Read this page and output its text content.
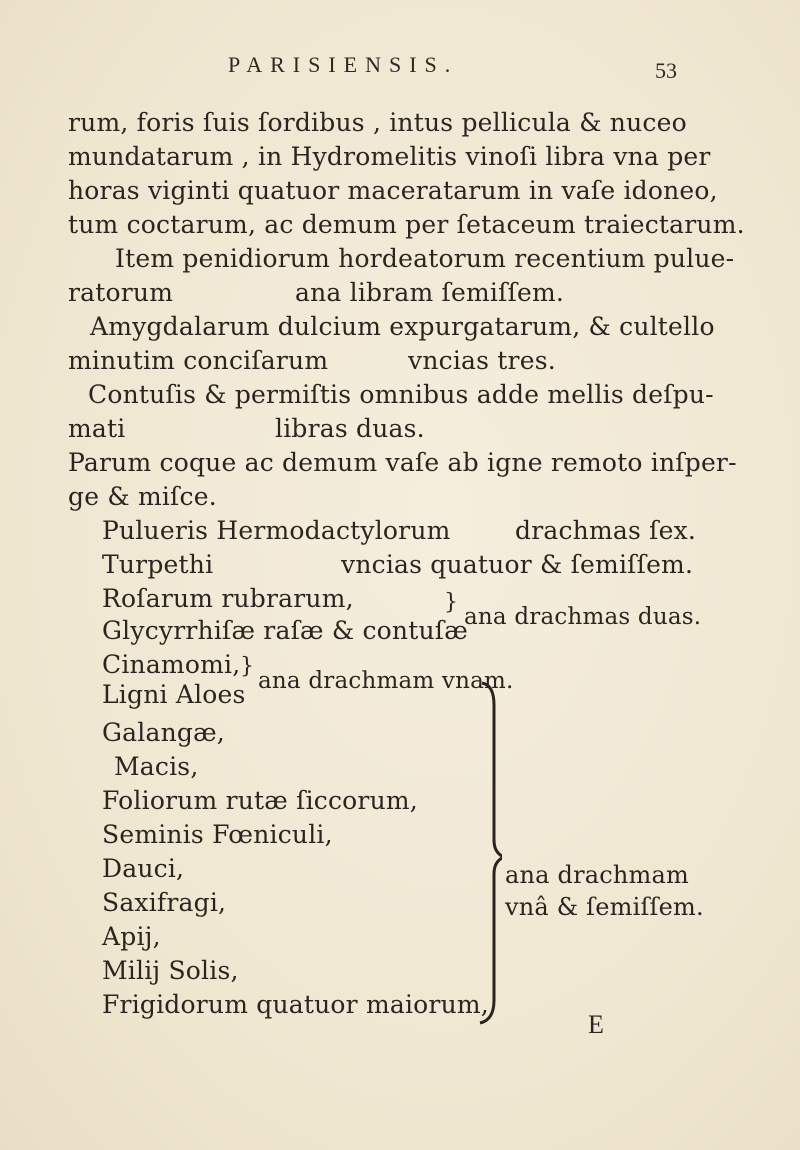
PARISIENSIS.	53
rum, foris ſuis ſordibus , intus pellicula & nuceo
mundatarum , in Hydromelitis vinoſi libra vna per
horas viginti quatuor maceratarum in vaſe idoneo,
tum coctarum, ac demum per ſetaceum traiectarum.
Item penidiorum hordeatorum recentium pulue-
ratorum	ana libram ſemiſſem.
Amygdalarum dulcium expurgatarum, & cultello
minutim conciſarum	vncias tres.
Contuſis & permiſtis omnibus adde mellis deſpu-
mati	libras duas.
Parum coque ac demum vaſe ab igne remoto inſper-
ge & miſce.
Pulueris Hermodactylorum	drachmas ſex.
Turpethi	vncias quatuor & ſemiſſem.
Roſarum rubrarum,
Glycyrrhiſæ raſæ & contuſæ
}
ana drachmas duas.
Cinamomi,
Ligni Aloes
}
ana drachmam vnam.
Galangæ,
Macis,
Foliorum rutæ ſiccorum,
Seminis Fœniculi,
Dauci,
Saxifragi,
Apij,
Milij Solis,
Frigidorum quatuor maiorum,
ana drachmam
vnâ & ſemiſſem.
E
